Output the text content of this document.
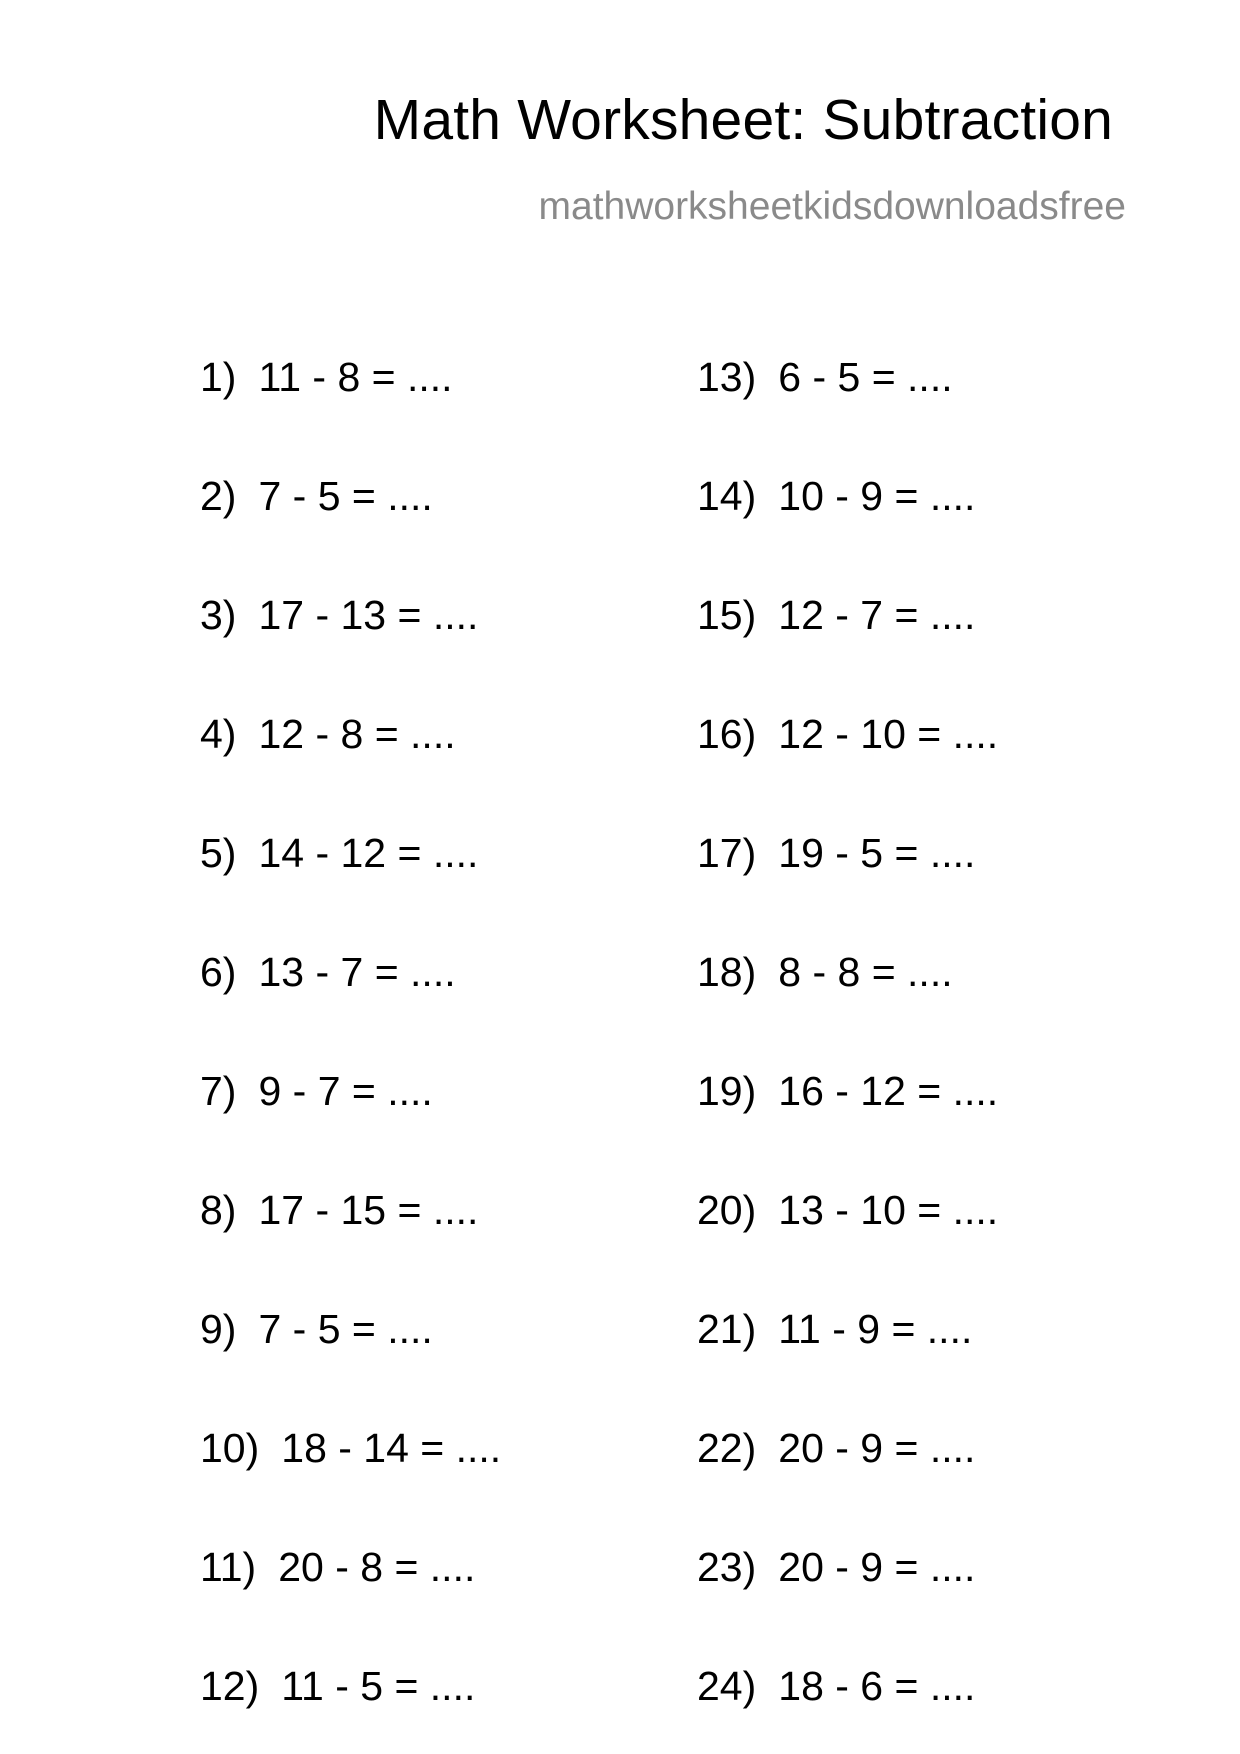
Math Worksheet: Subtraction
mathworksheetkidsdownloadsfree
1) 11 - 8 = ....
2) 7 - 5 = ....
3) 17 - 13 = ....
4) 12 - 8 = ....
5) 14 - 12 = ....
6) 13 - 7 = ....
7) 9 - 7 = ....
8) 17 - 15 = ....
9) 7 - 5 = ....
10) 18 - 14 = ....
11) 20 - 8 = ....
12) 11 - 5 = ....
13) 6 - 5 = ....
14) 10 - 9 = ....
15) 12 - 7 = ....
16) 12 - 10 = ....
17) 19 - 5 = ....
18) 8 - 8 = ....
19) 16 - 12 = ....
20) 13 - 10 = ....
21) 11 - 9 = ....
22) 20 - 9 = ....
23) 20 - 9 = ....
24) 18 - 6 = ....
